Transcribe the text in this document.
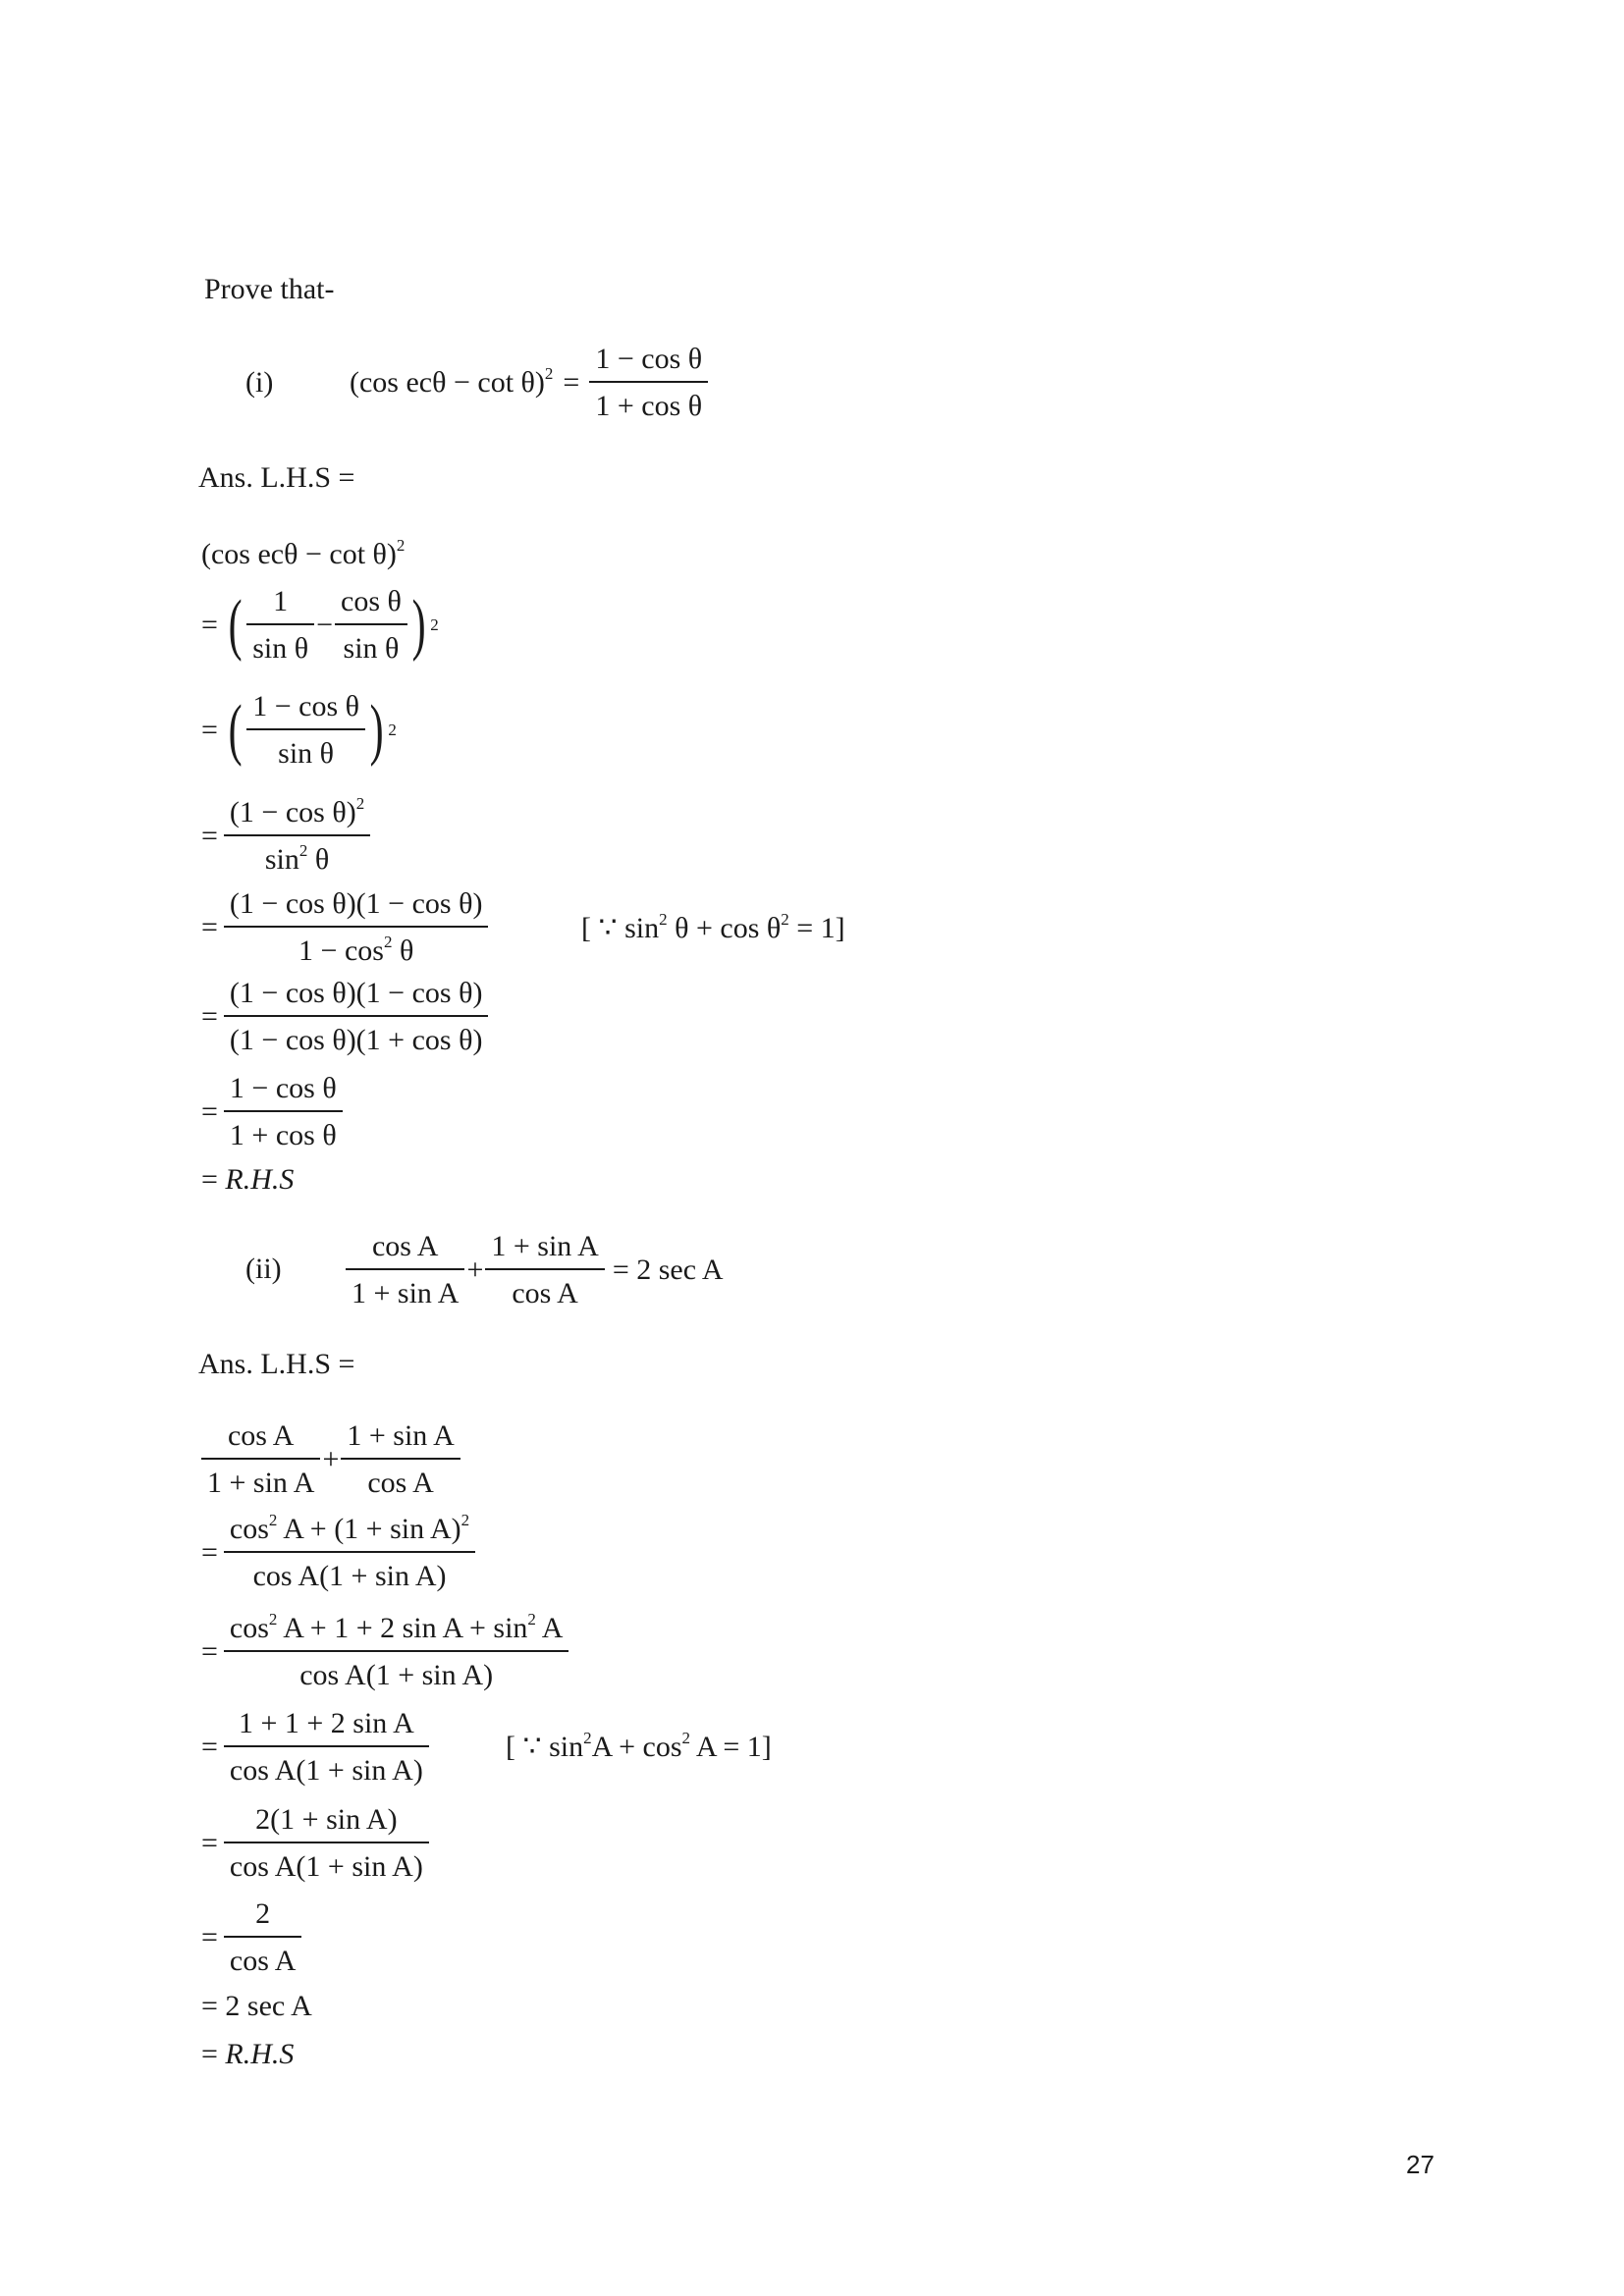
Prove that-
(i)	(cos $ec\theta - \cot \theta)^2 = \frac{\text{1 − cos θ}}{\text{1 + cos θ}}$
Ans. L.H.S =
(cos ecθ − cot θ)$^2$
= ( $\frac{1}{\text{sin θ}} - \frac{\text{cos θ}}{\text{sin θ}}$ ) 2
= ( $\frac{\text{1 − cos θ}}{\text{sin θ}}$ ) 2
= $\frac{(1 - \cos \theta)^2}{\sin^2 \theta}$
= $\frac{\text{(1 − cos θ)(1 − cos θ)}}{1 - \cos^2 \theta}$	[ ∵ $\sin^2 \theta + \cos \theta^2 = 1$]
= $\frac{\text{(1 − cos θ)(1 − cos θ)}}{\text{(1 − cos θ)(1 + cos θ)}}$
= $\frac{\text{1 − cos θ}}{\text{1 + cos θ}}$
= R.H.S
$(ii) \frac{\text{cos A}}{\text{1 + sin A}} + \frac{\text{1 + sin A}}{\text{cos A}} = 2$ sec A
Ans. L.H.S =
$\frac{\text{cos A}}{\text{1 + sin A}} + \frac{\text{1 + sin A}}{\text{cos A}}$
= $\frac{\cos^2 A + (1 + \sin A)^2}{\text{cos A(1 + sin A)}}$
= $\frac{\cos^2 A + 1 + 2 \sin A + \sin^2 A}{\text{cos A(1 + sin A)}}$
= $\frac{\text{1 + 1 + 2 sin A}}{\text{cos A(1 + sin A)}}$	[ ∵ $\sin^2A + \cos^2 A = 1$]
= $\frac{\text{2(1 + sin A)}}{\text{cos A(1 + sin A)}}$
= $\frac{2}{\text{cos A}}$
= 2 sec A
= R.H.S
27
